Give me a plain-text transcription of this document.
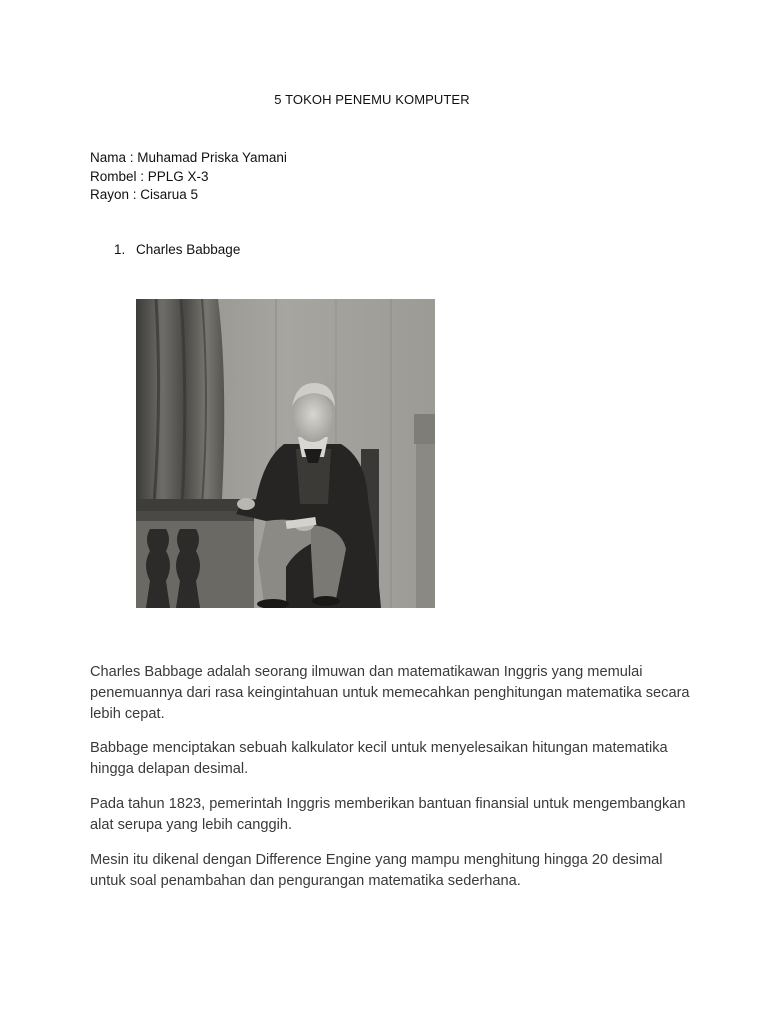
5 TOKOH PENEMU KOMPUTER
Nama : Muhamad Priska Yamani
Rombel : PPLG X-3
Rayon : Cisarua 5
1. Charles Babbage

Charles Babbage adalah seorang ilmuwan dan matematikawan Inggris yang memulai penemuannya dari rasa keingintahuan untuk memecahkan penghitungan matematika secara lebih cepat.

Babbage menciptakan sebuah kalkulator kecil untuk menyelesaikan hitungan matematika hingga delapan desimal.

Pada tahun 1823, pemerintah Inggris memberikan bantuan finansial untuk mengembangkan alat serupa yang lebih canggih.

Mesin itu dikenal dengan Difference Engine yang mampu menghitung hingga 20 desimal untuk soal penambahan dan pengurangan matematika sederhana.
